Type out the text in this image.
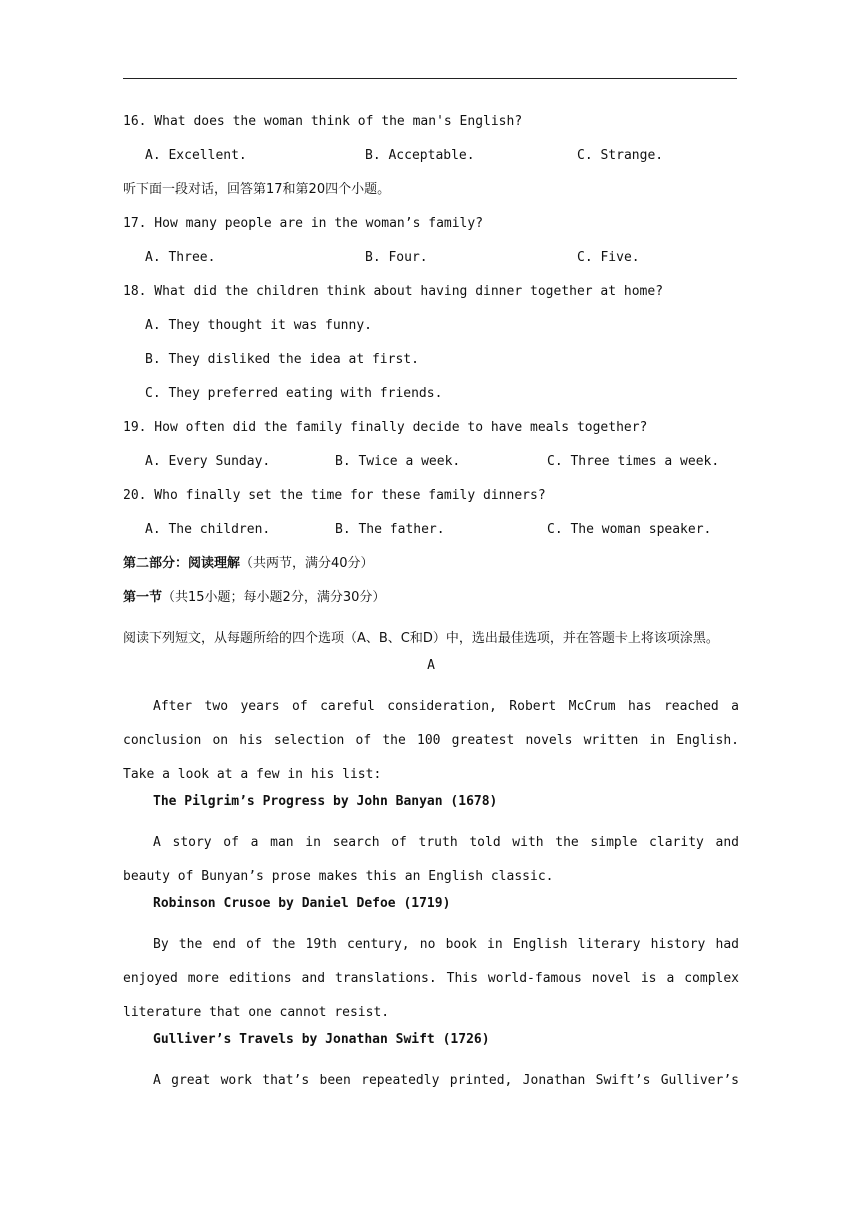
16. What does the woman think of the man's English?
A. Excellent.	B. Acceptable.	C. Strange.
听下面一段对话，回答第17和第20四个小题。
17. How many people are in the woman’s family?
A. Three.	B. Four.	C. Five.
18. What did the children think about having dinner together at home?
A. They thought it was funny.
B. They disliked the idea at first.
C. They preferred eating with friends.
19. How often did the family finally decide to have meals together?
A. Every Sunday.	B. Twice a week.	C. Three times a week.
20. Who finally set the time for these family dinners?
A. The children.	B. The father.	C. The woman speaker.
第二部分：阅读理解（共两节，满分40分）
第一节（共15小题；每小题2分，满分30分）
阅读下列短文，从每题所给的四个选项（A、B、C和D）中，选出最佳选项，并在答题卡上将该项涂黑。
A
After two years of careful consideration, Robert McCrum has reached a conclusion on his selection of the 100 greatest novels written in English. Take a look at a few in his list:
The Pilgrim’s Progress by John Banyan (1678)
A story of a man in search of truth told with the simple clarity and beauty of Bunyan’s prose makes this an English classic.
Robinson Crusoe by Daniel Defoe (1719)
By the end of the 19th century, no book in English literary history had enjoyed more editions and translations. This world-famous novel is a complex literature that one cannot resist.
Gulliver’s Travels by Jonathan Swift (1726)
A great work that’s been repeatedly printed, Jonathan Swift’s Gulliver’s
